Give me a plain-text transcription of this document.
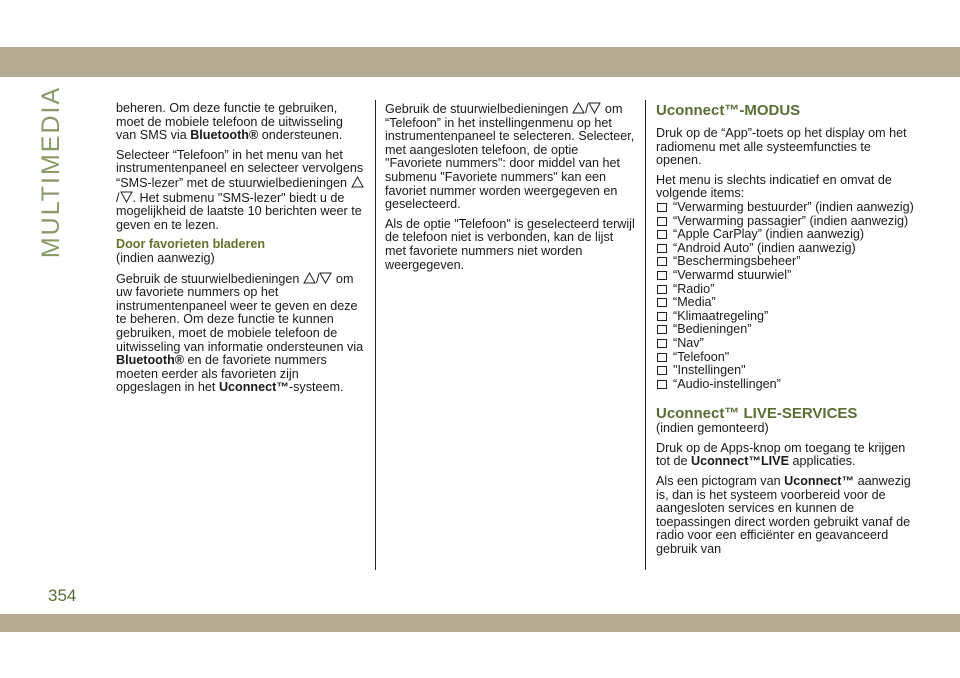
MULTIMEDIA	beheren. Om deze functie te gebruiken, moet de mobiele telefoon de uitwisseling van SMS via Bluetooth® ondersteunen.

Selecteer “Telefoon” in het menu van het instrumentenpaneel en selecteer vervolgens “SMS-lezer” met de stuurwielbedieningen / . Het submenu "SMS-lezer" biedt u de mogelijkheid de laatste 10 berichten weer te geven en te lezen.

Door favorieten bladeren

(indien aanwezig)

Gebruik de stuurwielbedieningen / om uw favoriete nummers op het instrumentenpaneel weer te geven en deze te beheren. Om deze functie te kunnen gebruiken, moet de mobiele telefoon de uitwisseling van informatie ondersteunen via Bluetooth® en de favoriete nummers moeten eerder als favorieten zijn opgeslagen in het Uconnect™-systeem.

Gebruik de stuurwielbedieningen / om “Telefoon” in het instellingenmenu op het instrumentenpaneel te selecteren. Selecteer, met aangesloten telefoon, de optie "Favoriete nummers": door middel van het submenu "Favoriete nummers" kan een favoriet nummer worden weergegeven en geselecteerd.

Als de optie "Telefoon" is geselecteerd terwijl de telefoon niet is verbonden, kan de lijst met favoriete nummers niet worden weergegeven.

Uconnect™-MODUS

Druk op de “App”-toets op het display om het radiomenu met alle systeemfuncties te openen.

Het menu is slechts indicatief en omvat de volgende items:

“Verwarming bestuurder” (indien aanwezig)
“Verwarming passagier” (indien aanwezig)
“Apple CarPlay” (indien aanwezig)
“Android Auto” (indien aanwezig)
“Beschermingsbeheer”
“Verwarmd stuurwiel”
“Radio”
“Media”
“Klimaatregeling”
“Bedieningen”
“Nav”
“Telefoon"
"Instellingen"
“Audio-instellingen”
Uconnect™ LIVE-SERVICES

(indien gemonteerd)

Druk op de Apps-knop om toegang te krijgen tot de Uconnect™LIVE applicaties.

Als een pictogram van Uconnect™ aanwezig is, dan is het systeem voorbereid voor de aangesloten services en kunnen de toepassingen direct worden gebruikt vanaf de radio voor een efficiënter en geavanceerd gebruik van

354
